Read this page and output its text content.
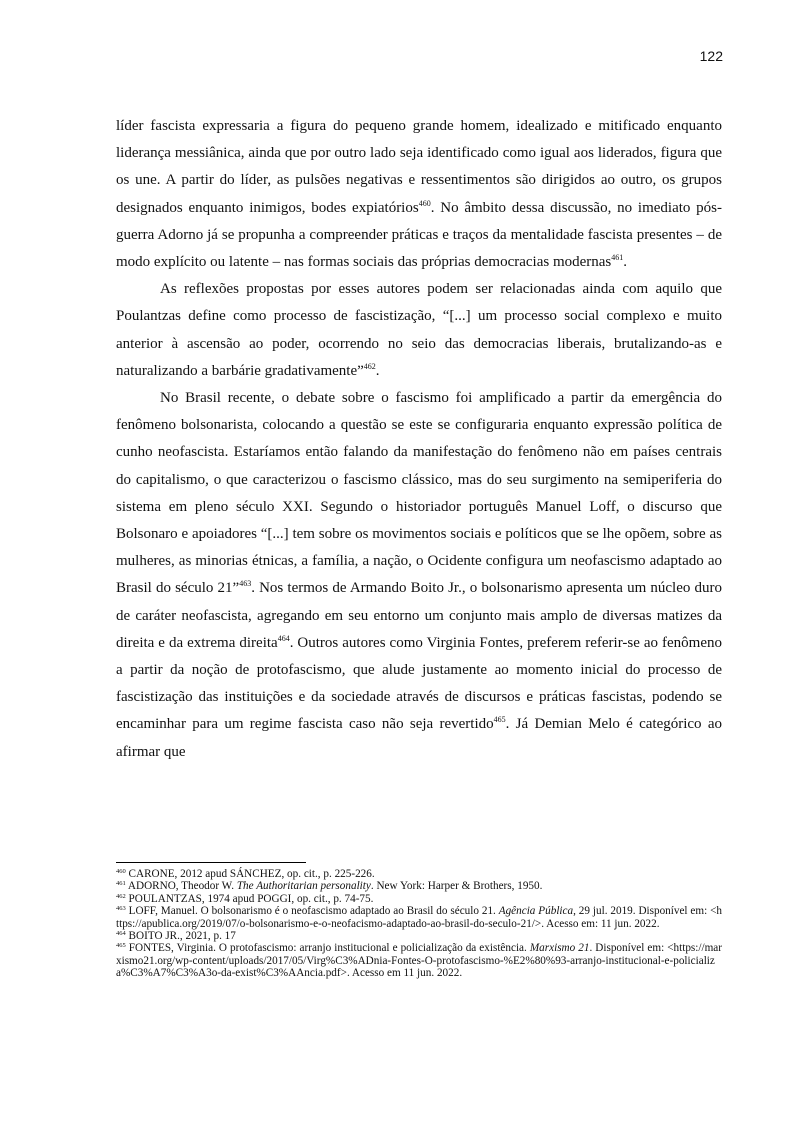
122

líder fascista expressaria a figura do pequeno grande homem, idealizado e mitificado enquanto liderança messiânica, ainda que por outro lado seja identificado como igual aos liderados, figura que os une. A partir do líder, as pulsões negativas e ressentimentos são dirigidos ao outro, os grupos designados enquanto inimigos, bodes expiatórios$^{460}$. No âmbito dessa discussão, no imediato pós-guerra Adorno já se propunha a compreender práticas e traços da mentalidade fascista presentes – de modo explícito ou latente – nas formas sociais das próprias democracias modernas$^{461}$.

As reflexões propostas por esses autores podem ser relacionadas ainda com aquilo que Poulantzas define como processo de fascistização, “[...] um processo social complexo e muito anterior à ascensão ao poder, ocorrendo no seio das democracias liberais, brutalizando-as e naturalizando a barbárie gradativamente”$^{462}$.

No Brasil recente, o debate sobre o fascismo foi amplificado a partir da emergência do fenômeno bolsonarista, colocando a questão se este se configuraria enquanto expressão política de cunho neofascista. Estaríamos então falando da manifestação do fenômeno não em países centrais do capitalismo, o que caracterizou o fascismo clássico, mas do seu surgimento na semiperiferia do sistema em pleno século XXI. Segundo o historiador português Manuel Loff, o discurso que Bolsonaro e apoiadores “[...] tem sobre os movimentos sociais e políticos que se lhe opõem, sobre as mulheres, as minorias étnicas, a família, a nação, o Ocidente configura um neofascismo adaptado ao Brasil do século 21”$^{463}$. Nos termos de Armando Boito Jr., o bolsonarismo apresenta um núcleo duro de caráter neofascista, agregando em seu entorno um conjunto mais amplo de diversas matizes da direita e da extrema direita$^{464}$. Outros autores como Virginia Fontes, preferem referir-se ao fenômeno a partir da noção de protofascismo, que alude justamente ao momento inicial do processo de fascistização das instituições e da sociedade através de discursos e práticas fascistas, podendo se encaminhar para um regime fascista caso não seja revertido$^{465}$. Já Demian Melo é categórico ao afirmar que

$^{460}$ CARONE, 2012 apud SÁNCHEZ, op. cit., p. 225-226.

$^{461}$ ADORNO, Theodor W. The Authoritarian personality. New York: Harper & Brothers, 1950.

$^{462}$ POULANTZAS, 1974 apud POGGI, op. cit., p. 74-75.

$^{463}$ LOFF, Manuel. O bolsonarismo é o neofascismo adaptado ao Brasil do século 21. Agência Pública, 29 jul. 2019. Disponível em: <https://apublica.org/2019/07/o-bolsonarismo-e-o-neofacismo-adaptado-ao-brasil-do-seculo-21/>. Acesso em: 11 jun. 2022.

$^{464}$ BOITO JR., 2021, p. 17

$^{465}$ FONTES, Virginia. O protofascismo: arranjo institucional e policialização da existência. Marxismo 21. Disponível em: <https://marxismo21.org/wp-content/uploads/2017/05/Virg%C3%ADnia-Fontes-O-protofascismo-%E2%80%93-arranjo-institucional-e-policializa%C3%A7%C3%A3o-da-exist%C3%AAncia.pdf>. Acesso em 11 jun. 2022.
